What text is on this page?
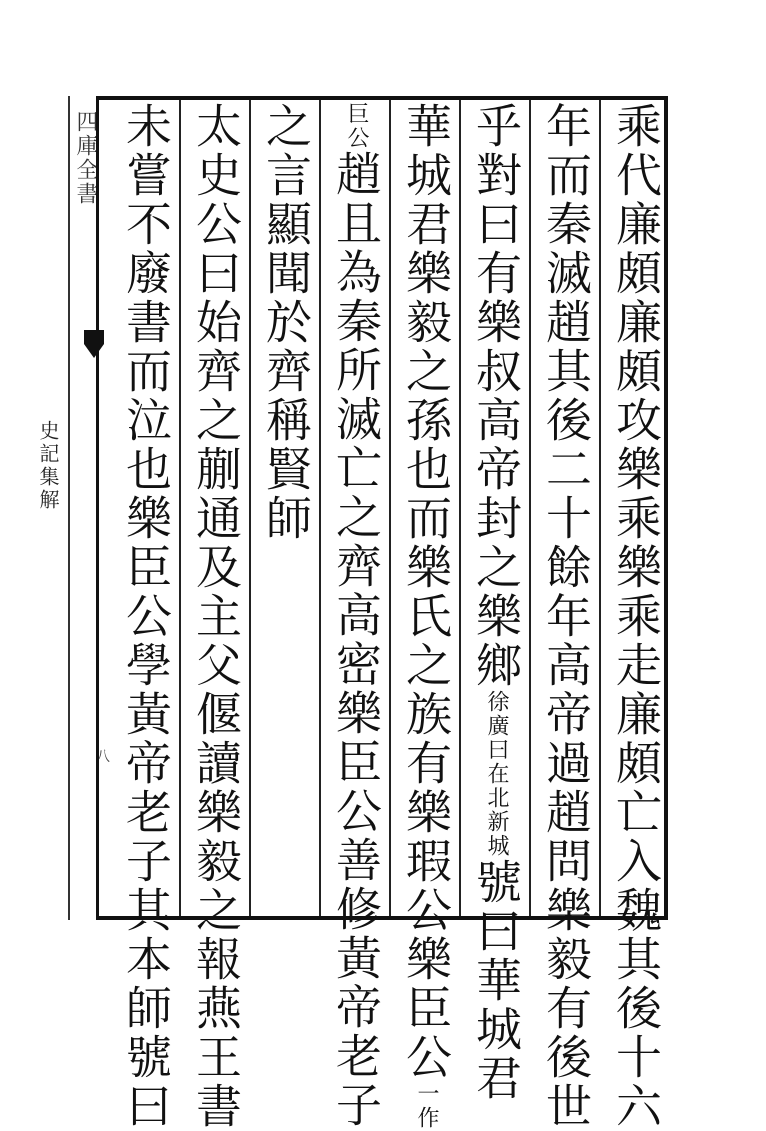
四庫全書
史記集解
八	乘代廉頗廉頗攻樂乘樂乘走廉頗亡入魏其後十六
年而秦滅趙其後二十餘年高帝過趙問樂毅有後世
乎對曰有樂叔高帝封之樂鄉徐廣曰在北新城號曰華城君
華城君樂毅之孫也而樂氏之族有樂瑕公樂臣公一作
巨公趙且為秦所滅亡之齊高密樂臣公善修黃帝老子
之言顯聞於齊稱賢師
太史公曰始齊之蒯通及主父偃讀樂毅之報燕王書
未嘗不廢書而泣也樂臣公學黃帝老子其本師號曰
